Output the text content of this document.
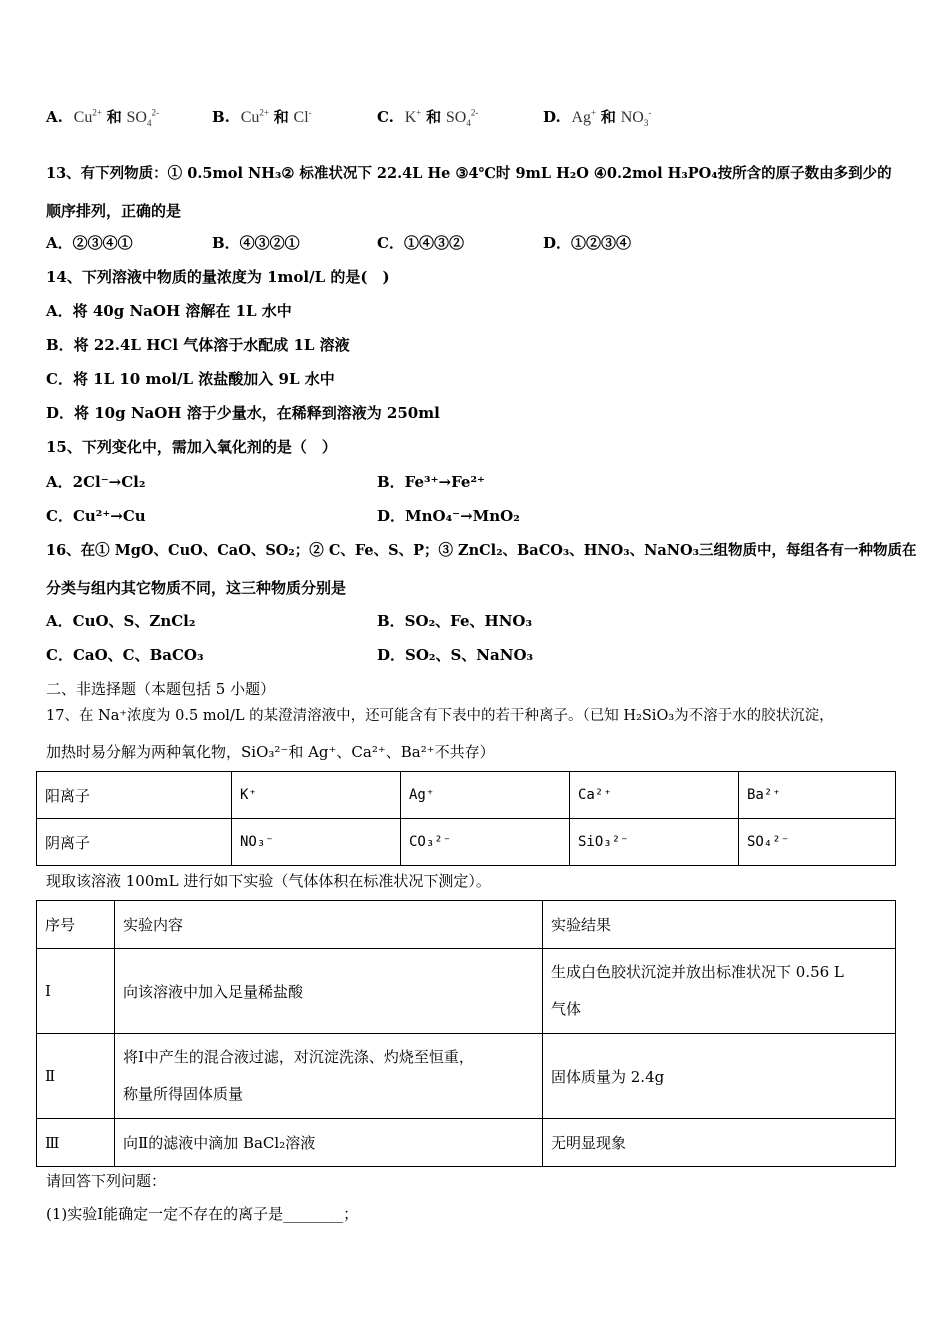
A. $Cu^{2+}$ 和 $SO_4^{2-}$	B. $Cu^{2+}$ 和 Cl-	C. K+ 和 $SO_4^{2-}$	D. Ag+ 和 $NO_3^-$
13、有下列物质：① 0.5mol NH₃② 标准状况下 22.4L He ③4℃时 9mL H₂O ④0.2mol H₃PO₄按所含的原子数由多到少的
顺序排列，正确的是
A．②③④①	B．④③②①	C．①④③②	D．①②③④
14、下列溶液中物质的量浓度为 1mol/L 的是(　)
A．将 40g NaOH 溶解在 1L 水中
B．将 22.4L HCl 气体溶于水配成 1L 溶液
C．将 1L 10 mol/L 浓盐酸加入 9L 水中
D．将 10g NaOH 溶于少量水，在稀释到溶液为 250ml
15、下列变化中，需加入氧化剂的是（　）
A．2Cl⁻→Cl₂	B．Fe³⁺→Fe²⁺
C．Cu²⁺→Cu	D．MnO₄⁻→MnO₂
16、在① MgO、CuO、CaO、SO₂；② C、Fe、S、P；③ ZnCl₂、BaCO₃、HNO₃、NaNO₃三组物质中，每组各有一种物质在
分类与组内其它物质不同，这三种物质分别是
A．CuO、S、ZnCl₂	B．SO₂、Fe、HNO₃
C．CaO、C、BaCO₃	D．SO₂、S、NaNO₃
二、非选择题（本题包括 5 小题）
17、在 Na⁺浓度为 0.5 mol/L 的某澄清溶液中，还可能含有下表中的若干种离子。（已知 H₂SiO₃为不溶于水的胶状沉淀，
加热时易分解为两种氧化物，SiO₃²⁻和 Ag⁺、Ca²⁺、Ba²⁺不共存）
阳离子	K⁺	Ag⁺	Ca²⁺	Ba²⁺
阴离子	NO₃⁻	CO₃²⁻	SiO₃²⁻	SO₄²⁻
现取该溶液 100mL 进行如下实验（气体体积在标准状况下测定）。
序号	实验内容	实验结果
Ⅰ	向该溶液中加入足量稀盐酸	生成白色胶状沉淀并放出标准状况下 0.56 L
气体

Ⅱ	将Ⅰ中产生的混合液过滤，对沉淀洗涤、灼烧至恒重，
称量所得固体质量	固体质量为 2.4g
Ⅲ	向Ⅱ的滤液中滴加 BaCl₂溶液	无明显现象
请回答下列问题：
(1)实验Ⅰ能确定一定不存在的离子是________；
